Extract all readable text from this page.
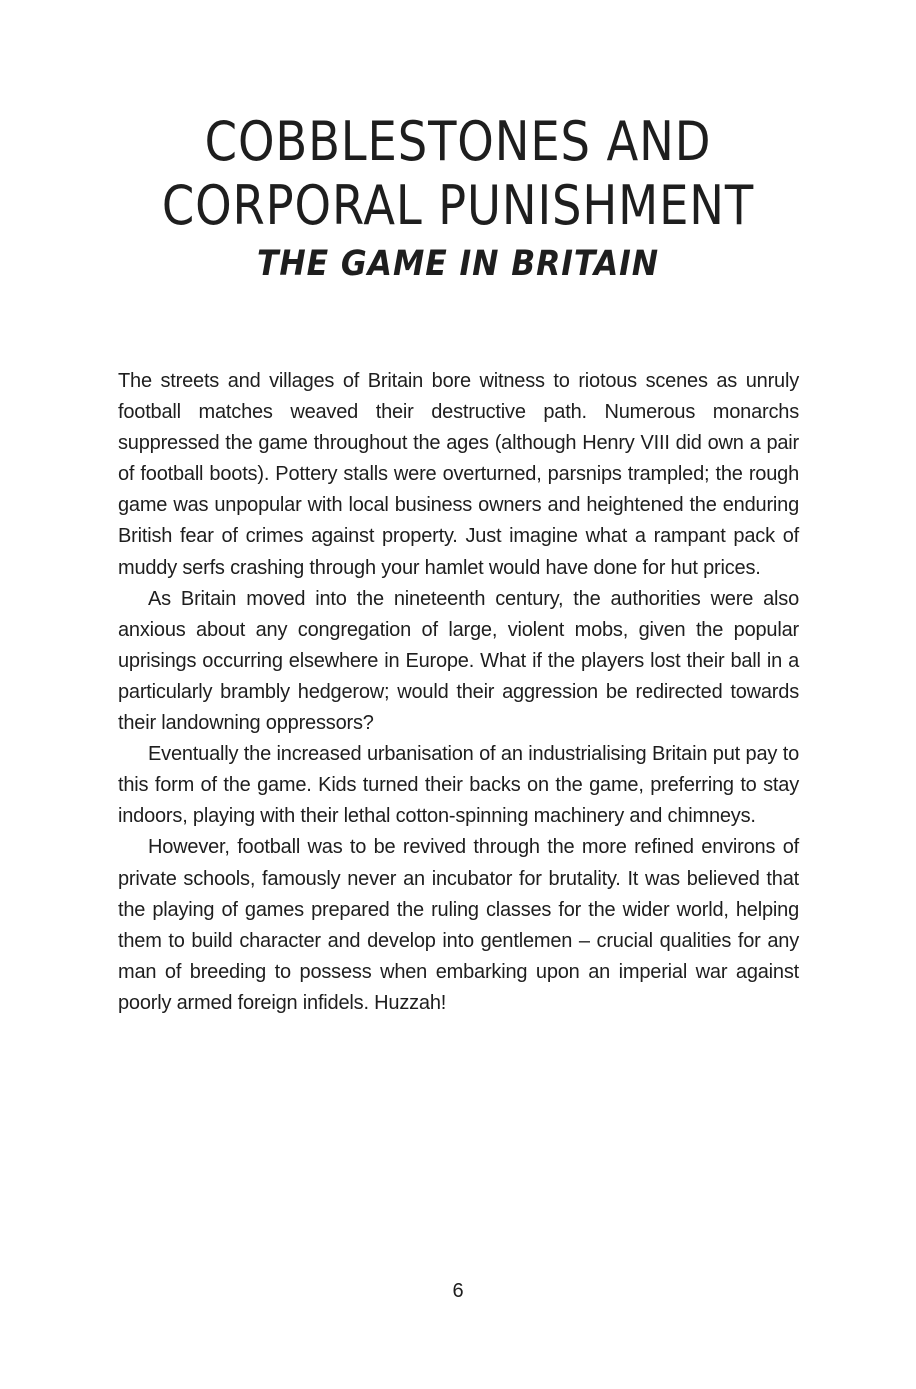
COBBLESTONES AND
CORPORAL PUNISHMENT
THE GAME IN BRITAIN

The streets and villages of Britain bore witness to riotous scenes as unruly football matches weaved their destructive path. Numerous monarchs suppressed the game throughout the ages (although Henry VIII did own a pair of football boots). Pottery stalls were overturned, parsnips trampled; the rough game was unpopular with local business owners and heightened the enduring British fear of crimes against property. Just imagine what a rampant pack of muddy serfs crashing through your hamlet would have done for hut prices.

As Britain moved into the nineteenth century, the authorities were also anxious about any congregation of large, violent mobs, given the popular uprisings occurring elsewhere in Europe. What if the players lost their ball in a particularly brambly hedgerow; would their aggression be redirected towards their landowning oppressors?

Eventually the increased urbanisation of an industrialising Britain put pay to this form of the game. Kids turned their backs on the game, preferring to stay indoors, playing with their lethal cotton-spinning machinery and chimneys.

However, football was to be revived through the more refined environs of private schools, famously never an incubator for brutality. It was believed that the playing of games prepared the ruling classes for the wider world, helping them to build character and develop into gentlemen – crucial qualities for any man of breeding to possess when embarking upon an imperial war against poorly armed foreign infidels. Huzzah!

6
